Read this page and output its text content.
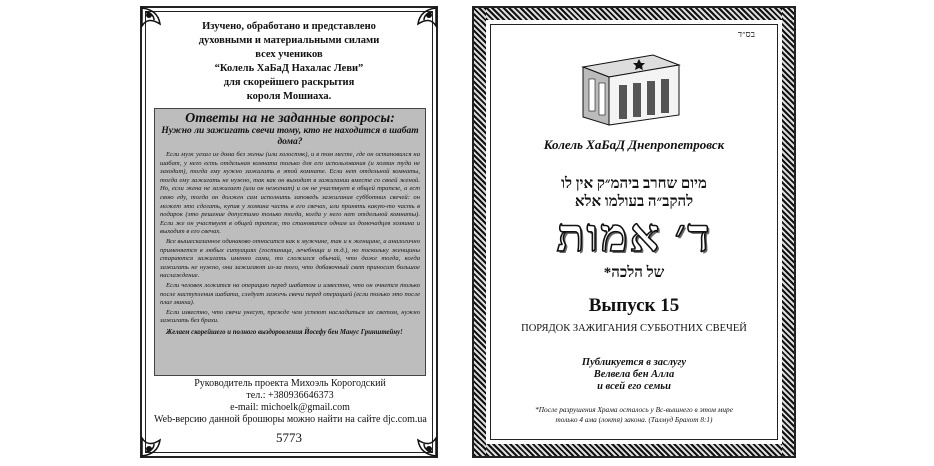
Изучено, обработано и представлено
духовными и материальными силами
всех учеников
“Колель ХаБаД Нахалас Леви”
для скорейшего раскрытия
короля Мошиаха.
Ответы на не заданные вопросы:
Нужно ли зажигать свечи тому, кто не находится в шабат дома?

Если муж уехал из дома без жены (или холостяк), и в том месте, где он остановился на шабат, у него есть отдельная комната только для его использования (и хозяин туда не заходит), тогда ему нужно зажигать в этой комнате. Если нет отдельной комнаты, тогда ему зажигать не нужно, так как он выходит в зажигании вместе со своей женой. Но, если жена не зажигает (или он неженат) и он не участвует в общей трапезе, а ест свою еду, тогда он должен сам исполнить заповедь зажигания субботних свечей: он может это сделать, купив у хозяина часть в его свечах, или принять какую-то часть в подарок (это решение допустимо только тогда, когда у него нет отдельной комнаты). Если же он участвует в общей трапезе, то становится одним из домочадцев хозяина и выходит в его свечах.

Все вышесказанное одинаково относится как к мужчине, так и к женщине, и аналогично применяется в любых ситуациях (гостиница, лечебница и т.д.), но поскольку женщины стараются зажигать именно сами, то сложился обычай, что даже тогда, когда зажигать не нужно, они зажигают из-за того, что добавочный свет приносит большое наслаждение.

Если человек ложится на операцию перед шабатом и известно, что он очнется только после наступления шабата, следует зажечь свечи перед операцией (если только это после плаг минха).

Если известно, что свечи унесут, прежде чем успеют насладиться их светом, нужно зажигать без брахи.

Желаем скорейшего и полного выздоровления Йосефу бен Манус Гринштейну!

Руководитель проекта Михоэль Корогодский
тел.: +380936646373
e-mail: michoelk@gmail.com
Web-версию данной брошюры можно найти на сайте djc.com.ua
5773
בס״ד
Колель ХаБаД Днепропетровск
מיום שחרב ביהמ״ק אין לו
להקב״ה בעולמו אלא
ד׳ אמות
של הלכה*
Выпуск 15
ПОРЯДОК ЗАЖИГАНИЯ СУББОТНИХ СВЕЧЕЙ
Публикуется в заслугу
Велвела бен Алла
и всей его семьи
*После разрушения Храма осталось у Вс-вышнего в этом мире
только 4 ама (локтя) закона. (Талмуд Брахот 8:1)
